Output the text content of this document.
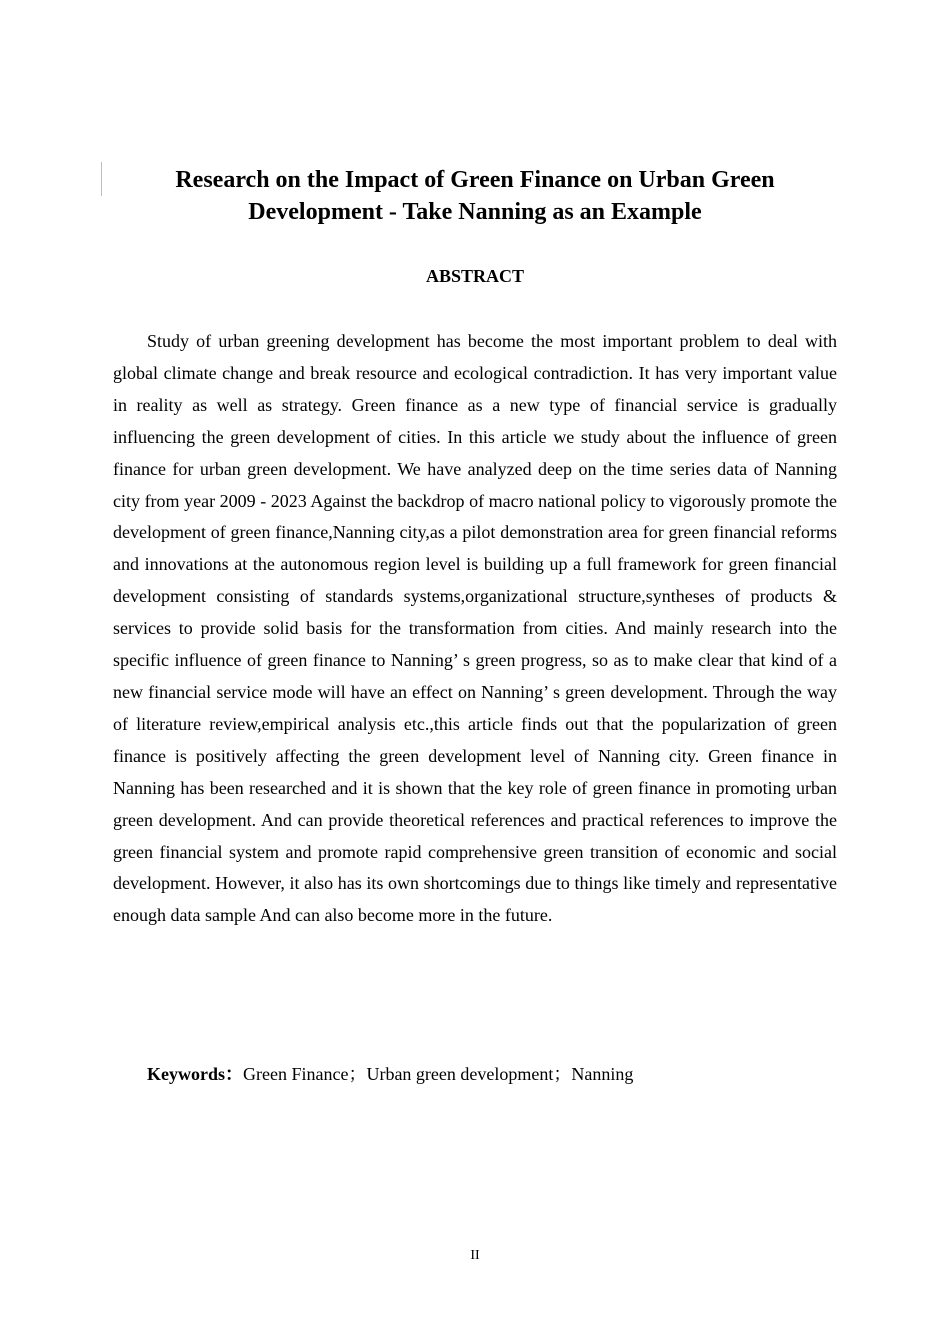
Research on the Impact of Green Finance on Urban Green Development - Take Nanning as an Example
ABSTRACT

Study of urban greening development has become the most important problem to deal with global climate change and break resource and ecological contradiction. It has very important value in reality as well as strategy. Green finance as a new type of financial service is gradually influencing the green development of cities. In this article we study about the influence of green finance for urban green development. We have analyzed deep on the time series data of Nanning city from year 2009 - 2023 Against the backdrop of macro national policy to vigorously promote the development of green finance,Nanning city,as a pilot demonstration area for green financial reforms and innovations at the autonomous region level is building up a full framework for green financial development consisting of standards systems,organizational structure,syntheses of products & services to provide solid basis for the transformation from cities. And mainly research into the specific influence of green finance to Nanning’ s green progress, so as to make clear that kind of a new financial service mode will have an effect on Nanning’ s green development. Through the way of literature review,empirical analysis etc.,this article finds out that the popularization of green finance is positively affecting the green development level of Nanning city. Green finance in Nanning has been researched and it is shown that the key role of green finance in promoting urban green development. And can provide theoretical references and practical references to improve the green financial system and promote rapid comprehensive green transition of economic and social development. However, it also has its own shortcomings due to things like timely and representative enough data sample And can also become more in the future.

Keywords：Green Finance；Urban green development；Nanning

II
